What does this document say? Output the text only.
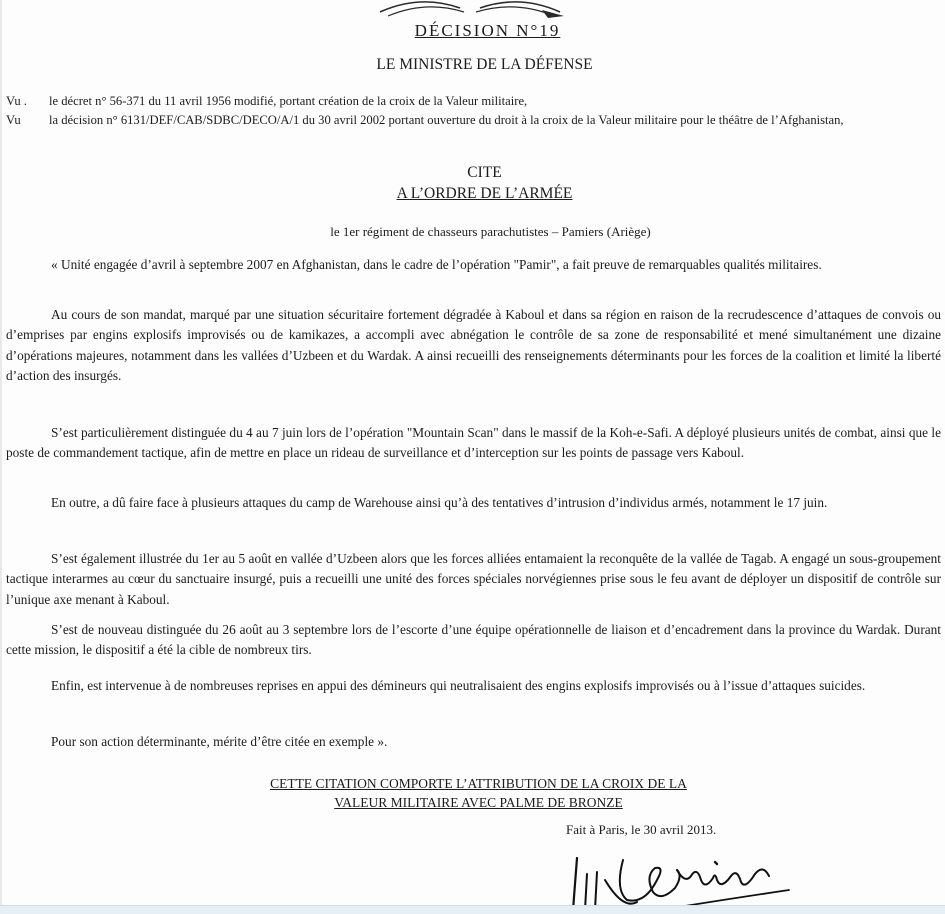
DÉCISION N°19
LE MINISTRE DE LA DÉFENSE
Vu .	le décret n° 56-371 du 11 avril 1956 modifié, portant création de la croix de la Valeur militaire,
Vu	la décision n° 6131/DEF/CAB/SDBC/DECO/A/1 du 30 avril 2002 portant ouverture du droit à la croix de la Valeur militaire pour le théâtre de l’Afghanistan,
CITE
A L’ORDRE DE L’ARMÉE
le 1er régiment de chasseurs parachutistes – Pamiers (Ariège)

« Unité engagée d’avril à septembre 2007 en Afghanistan, dans le cadre de l’opération "Pamir", a fait preuve de remarquables qualités militaires.

Au cours de son mandat, marqué par une situation sécuritaire fortement dégradée à Kaboul et dans sa région en raison de la recrudescence d’attaques de convois ou d’emprises par engins explosifs improvisés ou de kamikazes, a accompli avec abnégation le contrôle de sa zone de responsabilité et mené simultanément une dizaine d’opérations majeures, notamment dans les vallées d’Uzbeen et du Wardak. A ainsi recueilli des renseignements déterminants pour les forces de la coalition et limité la liberté d’action des insurgés.

S’est particulièrement distinguée du 4 au 7 juin lors de l’opération "Mountain Scan" dans le massif de la Koh-e-Safi. A déployé plusieurs unités de combat, ainsi que le poste de commandement tactique, afin de mettre en place un rideau de surveillance et d’interception sur les points de passage vers Kaboul.

En outre, a dû faire face à plusieurs attaques du camp de Warehouse ainsi qu’à des tentatives d’intrusion d’individus armés, notamment le 17 juin.

S’est également illustrée du 1er au 5 août en vallée d’Uzbeen alors que les forces alliées entamaient la reconquête de la vallée de Tagab. A engagé un sous-groupement tactique interarmes au cœur du sanctuaire insurgé, puis a recueilli une unité des forces spéciales norvégiennes prise sous le feu avant de déployer un dispositif de contrôle sur l’unique axe menant à Kaboul.

S’est de nouveau distinguée du 26 août au 3 septembre lors de l’escorte d’une équipe opérationnelle de liaison et d’encadrement dans la province du Wardak. Durant cette mission, le dispositif a été la cible de nombreux tirs.

Enfin, est intervenue à de nombreuses reprises en appui des démineurs qui neutralisaient des engins explosifs improvisés ou à l’issue d’attaques suicides.

Pour son action déterminante, mérite d’être citée en exemple ».

CETTE CITATION COMPORTE L’ATTRIBUTION DE LA CROIX DE LA
VALEUR MILITAIRE AVEC PALME DE BRONZE
Fait à Paris, le 30 avril 2013.
